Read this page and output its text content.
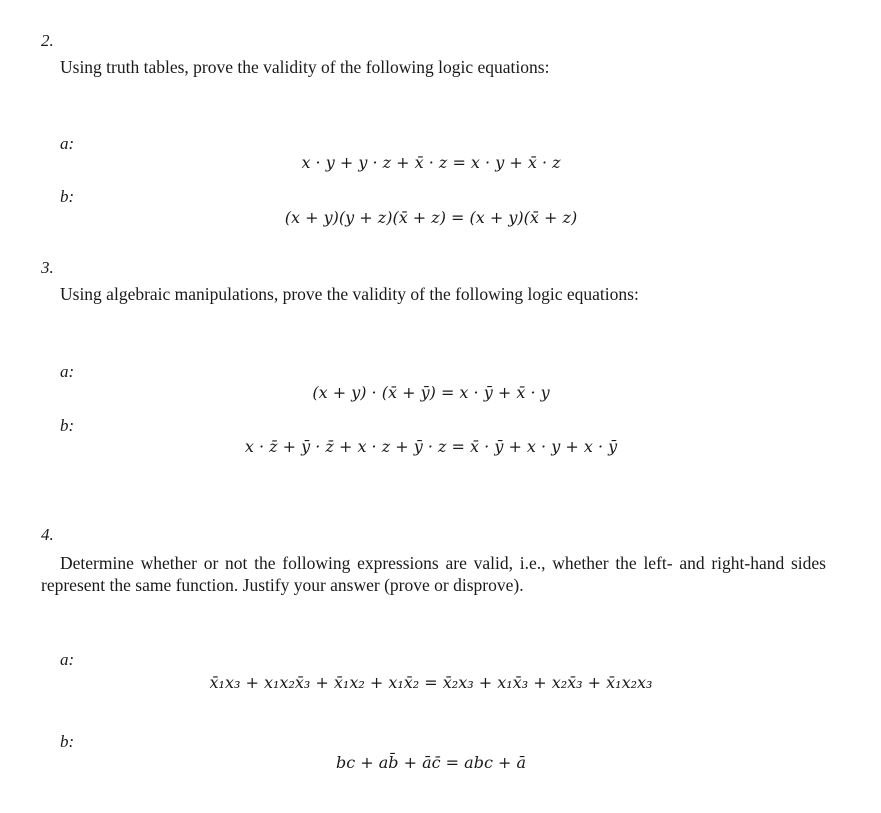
2.
Using truth tables, prove the validity of the following logic equations:
a:
x · y + y · z + x̄ · z = x · y + x̄ · z
b:
(x + y)(y + z)(x̄ + z) = (x + y)(x̄ + z)
3.
Using algebraic manipulations, prove the validity of the following logic equations:
a:
(x + y) · (x̄ + ȳ) = x · ȳ + x̄ · y
b:
x · z̄ + ȳ · z̄ + x · z + ȳ · z = x̄ · ȳ + x · y + x · ȳ
4.
Determine whether or not the following expressions are valid, i.e., whether the left- and right-hand sides represent the same function. Justify your answer (prove or disprove).
a:
x̄₁x₃ + x₁x₂x̄₃ + x̄₁x₂ + x₁x̄₂ = x̄₂x₃ + x₁x̄₃ + x₂x̄₃ + x̄₁x₂x₃
b:
bc + ab̄ + āc̄ = abc + ā
